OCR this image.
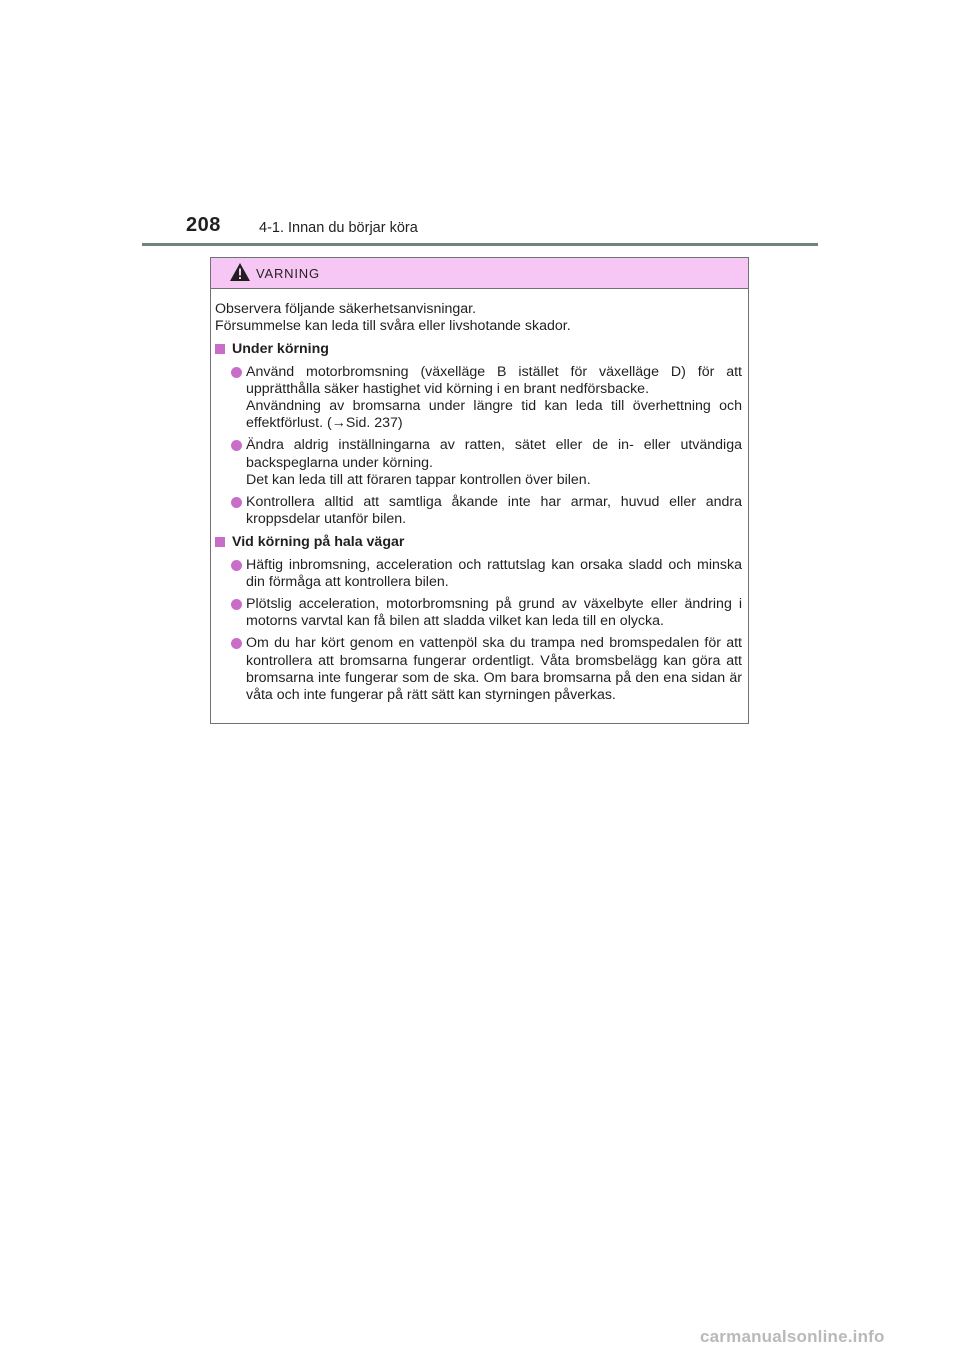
208	4-1. Innan du börjar köra
VARNING

Observera följande säkerhetsanvisningar.

Försummelse kan leda till svåra eller livshotande skador.

Under körning

Använd motorbromsning (växelläge B istället för växelläge D) för att upprätthålla säker hastighet vid körning i en brant nedförsbacke.

Användning av bromsarna under längre tid kan leda till överhettning och effektförlust. (→Sid. 237)

Ändra aldrig inställningarna av ratten, sätet eller de in- eller utvändiga backspeglarna under körning.

Det kan leda till att föraren tappar kontrollen över bilen.

Kontrollera alltid att samtliga åkande inte har armar, huvud eller andra kroppsdelar utanför bilen.

Vid körning på hala vägar

Häftig inbromsning, acceleration och rattutslag kan orsaka sladd och minska din förmåga att kontrollera bilen.

Plötslig acceleration, motorbromsning på grund av växelbyte eller ändring i motorns varvtal kan få bilen att sladda vilket kan leda till en olycka.

Om du har kört genom en vattenpöl ska du trampa ned bromspedalen för att kontrollera att bromsarna fungerar ordentligt. Våta bromsbelägg kan göra att bromsarna inte fungerar som de ska. Om bara bromsarna på den ena sidan är våta och inte fungerar på rätt sätt kan styrningen påverkas.

carmanualsonline.info
